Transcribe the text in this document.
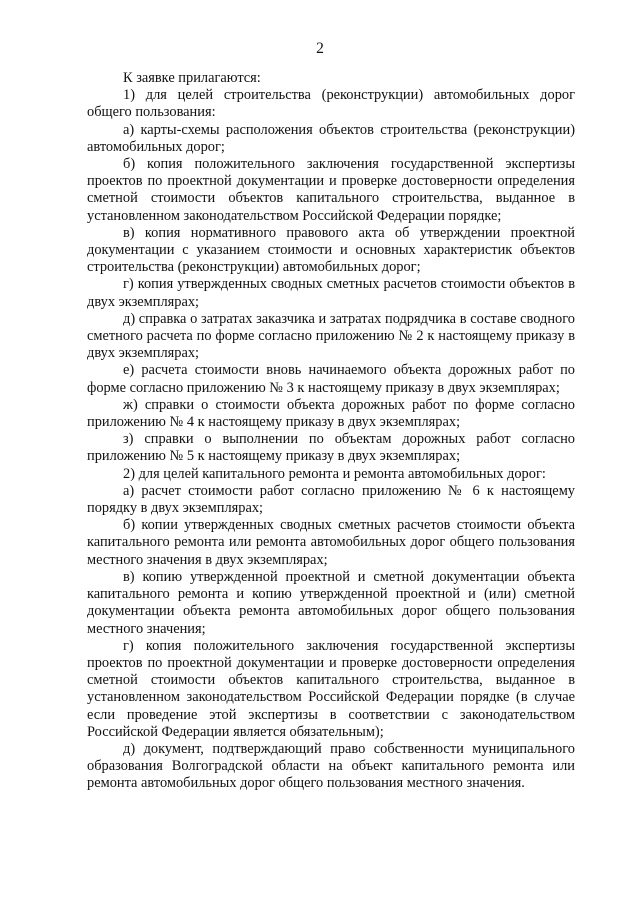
2

К заявке прилагаются:

1) для целей строительства (реконструкции) автомобильных дорог общего пользования:

а) карты-схемы расположения объектов строительства (реконструкции) автомобильных дорог;

б) копия положительного заключения государственной экспертизы проектов по проектной документации и проверке достоверности определения сметной стоимости объектов капитального строительства, выданное в установленном законодательством Российской Федерации порядке;

в) копия нормативного правового акта об утверждении проектной документации с указанием стоимости и основных характеристик объектов строительства (реконструкции) автомобильных дорог;

г) копия утвержденных сводных сметных расчетов стоимости объектов в двух экземплярах;

д) справка о затратах заказчика и затратах подрядчика в составе сводного сметного расчета по форме согласно приложению № 2 к настоящему приказу в двух экземплярах;

е) расчета стоимости вновь начинаемого объекта дорожных работ по форме согласно приложению № 3 к настоящему приказу в двух экземплярах;

ж) справки о стоимости объекта дорожных работ по форме согласно приложению № 4 к настоящему приказу в двух экземплярах;

з) справки о выполнении по объектам дорожных работ согласно приложению № 5 к настоящему приказу в двух экземплярах;

2) для целей капитального ремонта и ремонта автомобильных дорог:

а) расчет стоимости работ согласно приложению № 6 к настоящему порядку в двух экземплярах;

б) копии утвержденных сводных сметных расчетов стоимости объекта капитального ремонта или ремонта автомобильных дорог общего пользования местного значения в двух экземплярах;

в) копию утвержденной проектной и сметной документации объекта капитального ремонта и копию утвержденной проектной и (или) сметной документации объекта ремонта автомобильных дорог общего пользования местного значения;

г) копия положительного заключения государственной экспертизы проектов по проектной документации и проверке достоверности определения сметной стоимости объектов капитального строительства, выданное в установленном законодательством Российской Федерации порядке (в случае если проведение этой экспертизы в соответствии с законодательством Российской Федерации является обязательным);

д) документ, подтверждающий право собственности муниципального образования Волгоградской области на объект капитального ремонта или ремонта автомобильных дорог общего пользования местного значения.
